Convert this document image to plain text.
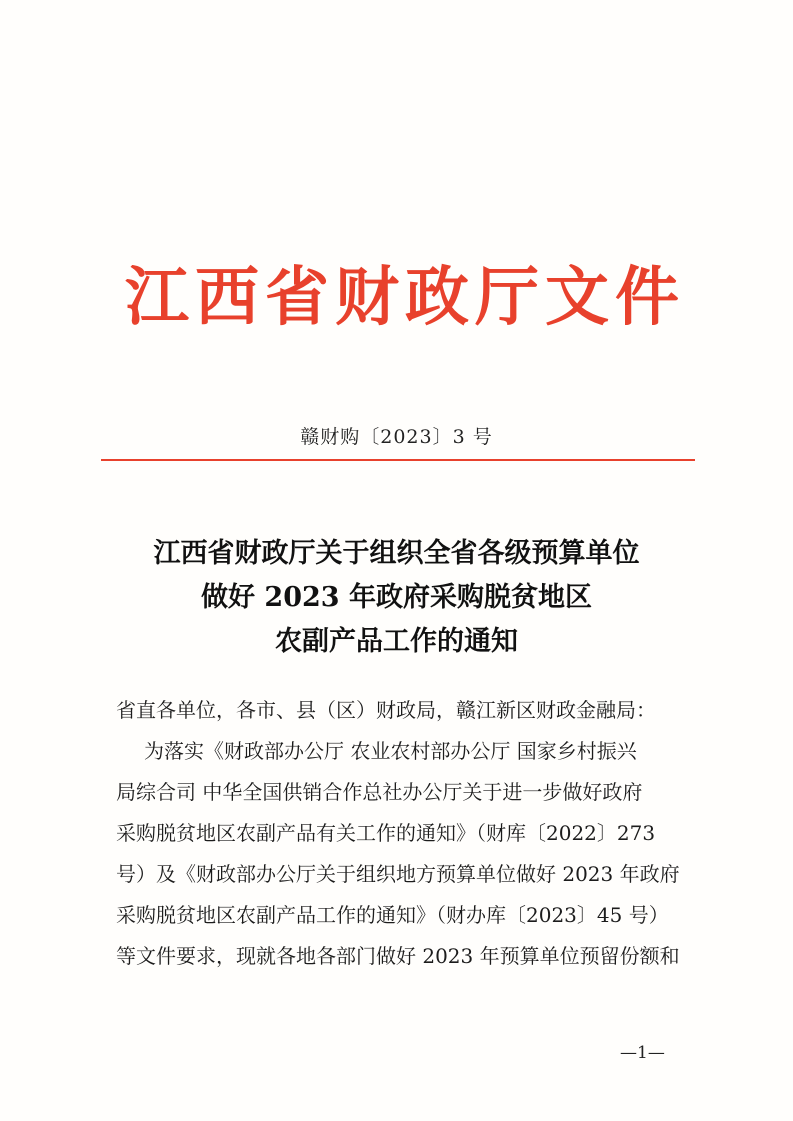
江西省财政厅文件
赣财购〔2023〕3 号
江西省财政厅关于组织全省各级预算单位
做好 2023 年政府采购脱贫地区
农副产品工作的通知
省直各单位，各市、县（区）财政局，赣江新区财政金融局：
为落实《财政部办公厅 农业农村部办公厅 国家乡村振兴
局综合司 中华全国供销合作总社办公厅关于进一步做好政府
采购脱贫地区农副产品有关工作的通知》（财库〔2022〕273
号）及《财政部办公厅关于组织地方预算单位做好 2023 年政府
采购脱贫地区农副产品工作的通知》（财办库〔2023〕45 号）
等文件要求，现就各地各部门做好 2023 年预算单位预留份额和
—1—
